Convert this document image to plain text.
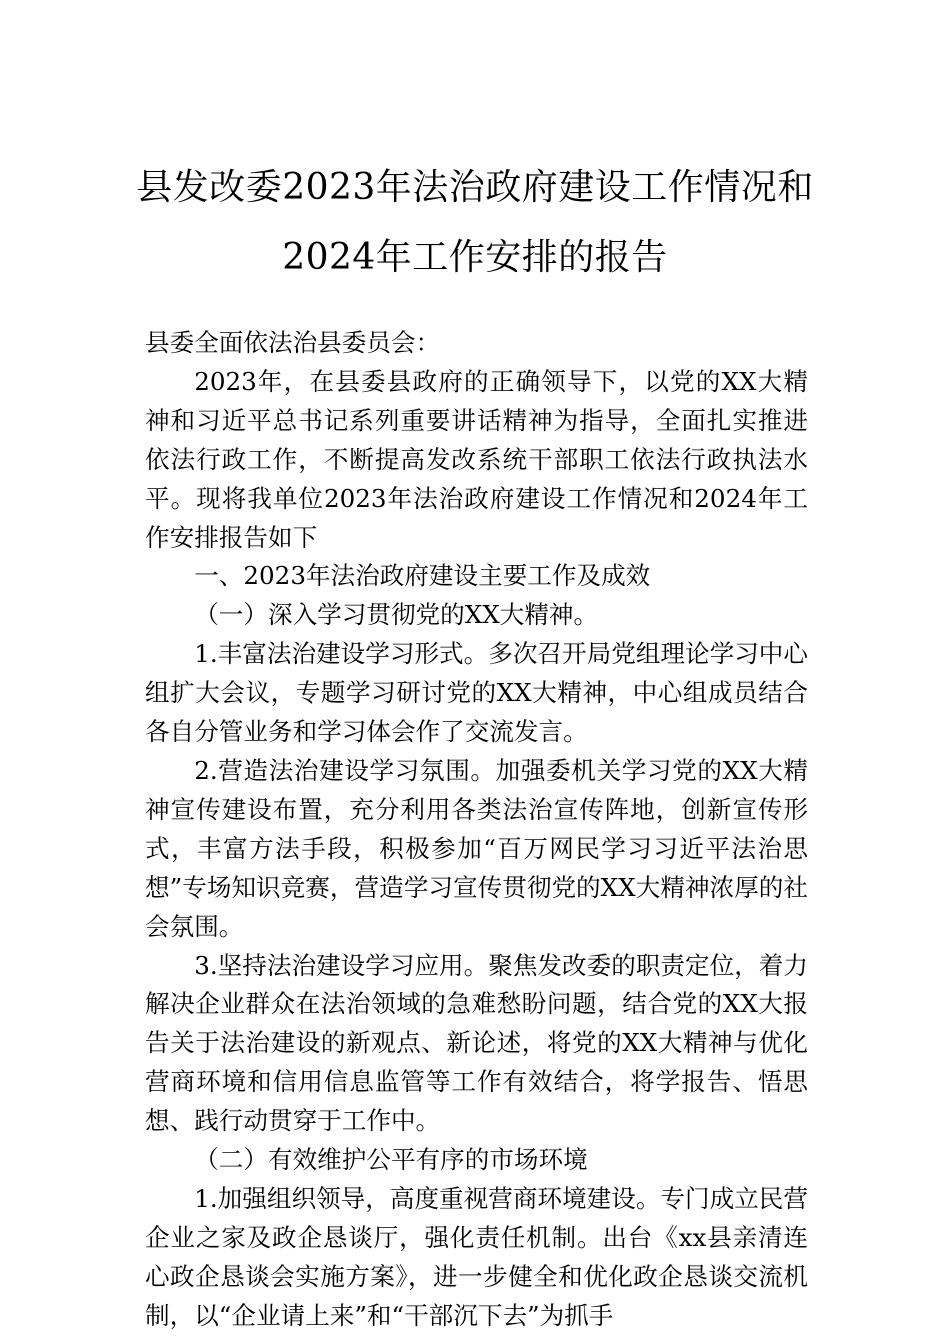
县发改委2023年法治政府建设工作情况和
2024年工作安排的报告

县委全面依法治县委员会：

2023年，在县委县政府的正确领导下，以党的XX大精神和习近平总书记系列重要讲话精神为指导，全面扎实推进依法行政工作，不断提高发改系统干部职工依法行政执法水平。现将我单位2023年法治政府建设工作情况和2024年工作安排报告如下

一、2023年法治政府建设主要工作及成效

（一）深入学习贯彻党的XX大精神。

1.丰富法治建设学习形式。多次召开局党组理论学习中心组扩大会议，专题学习研讨党的XX大精神，中心组成员结合各自分管业务和学习体会作了交流发言。

2.营造法治建设学习氛围。加强委机关学习党的XX大精神宣传建设布置，充分利用各类法治宣传阵地，创新宣传形式，丰富方法手段，积极参加“百万网民学习习近平法治思想”专场知识竞赛，营造学习宣传贯彻党的XX大精神浓厚的社会氛围。

3.坚持法治建设学习应用。聚焦发改委的职责定位，着力解决企业群众在法治领域的急难愁盼问题，结合党的XX大报告关于法治建设的新观点、新论述，将党的XX大精神与优化营商环境和信用信息监管等工作有效结合，将学报告、悟思想、践行动贯穿于工作中。

（二）有效维护公平有序的市场环境

1.加强组织领导，高度重视营商环境建设。专门成立民营企业之家及政企恳谈厅，强化责任机制。出台《xx县亲清连心政企恳谈会实施方案》，进一步健全和优化政企恳谈交流机制，以“企业请上来”和“干部沉下去”为抓手
